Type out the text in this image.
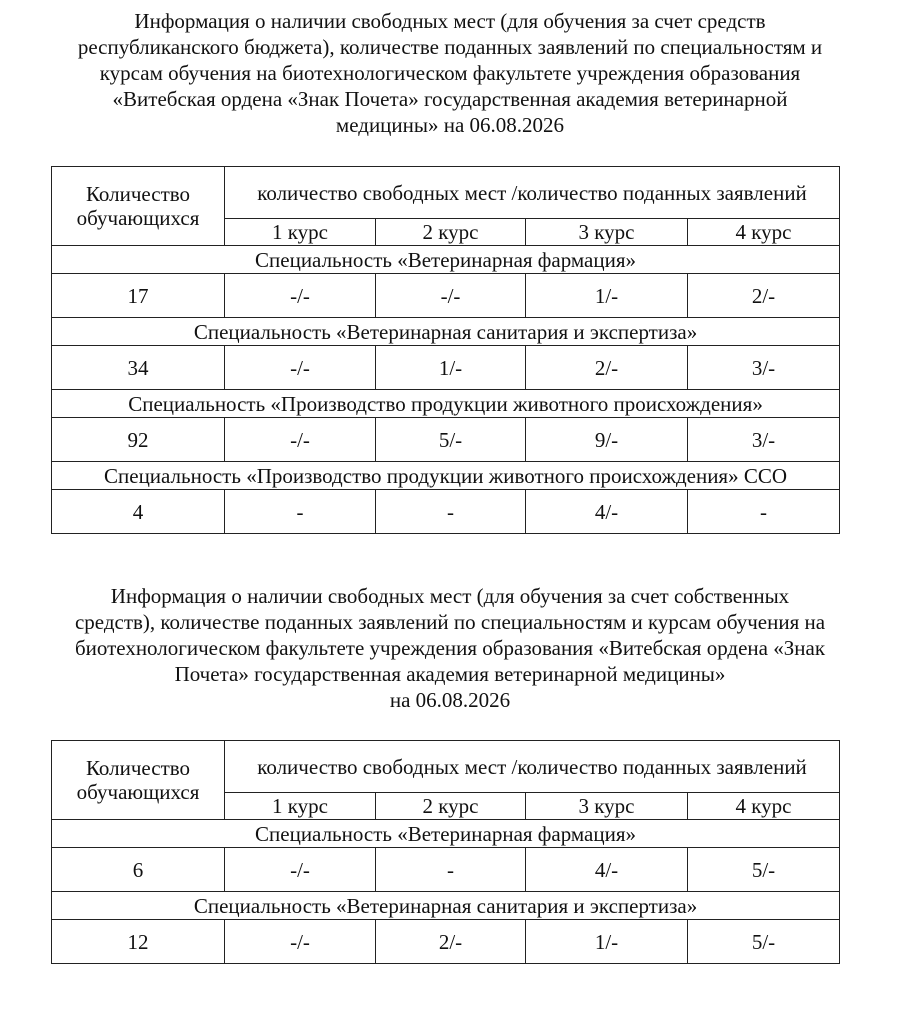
Информация о наличии свободных мест (для обучения за счет средств
республиканского бюджета), количестве поданных заявлений по специальностям и
курсам обучения на биотехнологическом факультете учреждения образования
«Витебская ордена «Знак Почета» государственная академия ветеринарной
медицины» на 06.08.2026
Количество обучающихся	количество свободных мест /количество поданных заявлений			
	1 курс	2 курс	3 курс	4 курс
Специальность «Ветеринарная фармация»				
17	-/-	-/-	1/-	2/-
Специальность «Ветеринарная санитария и экспертиза»				
34	-/-	1/-	2/-	3/-
Специальность «Производство продукции животного происхождения»				
92	-/-	5/-	9/-	3/-
Специальность «Производство продукции животного происхождения» ССО				
4	-	-	4/-	-
Информация о наличии свободных мест (для обучения за счет собственных
средств), количестве поданных заявлений по специальностям и курсам обучения на
биотехнологическом факультете учреждения образования «Витебская ордена «Знак
Почета» государственная академия ветеринарной медицины»
на 06.08.2026
Количество обучающихся	количество свободных мест /количество поданных заявлений			
	1 курс	2 курс	3 курс	4 курс
Специальность «Ветеринарная фармация»				
6	-/-	-	4/-	5/-
Специальность «Ветеринарная санитария и экспертиза»				
12	-/-	2/-	1/-	5/-
